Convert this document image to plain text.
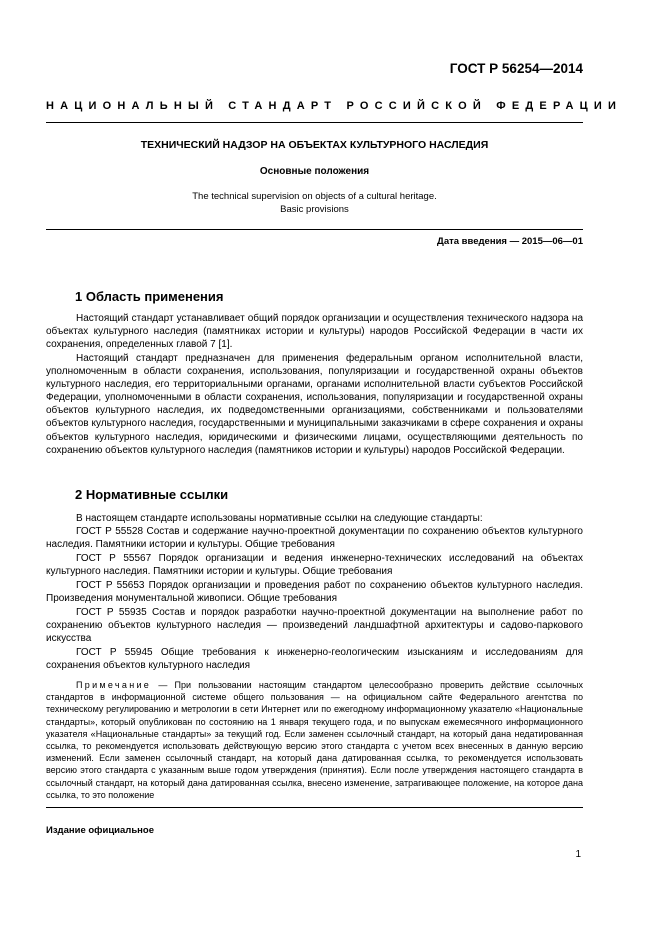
ГОСТ Р 56254—2014
НАЦИОНАЛЬНЫЙ СТАНДАРТ РОССИЙСКОЙ ФЕДЕРАЦИИ
ТЕХНИЧЕСКИЙ НАДЗОР НА ОБЪЕКТАХ КУЛЬТУРНОГО НАСЛЕДИЯ
Основные положения
The technical supervision on objects of a cultural heritage.
Basic provisions
Дата введения — 2015—06—01
1 Область применения

Настоящий стандарт устанавливает общий порядок организации и осуществления технического надзора на объектах культурного наследия (памятниках истории и культуры) народов Российской Федерации в части их сохранения, определенных главой 7 [1].

Настоящий стандарт предназначен для применения федеральным органом исполнительной власти, уполномоченным в области сохранения, использования, популяризации и государственной охраны объектов культурного наследия, его территориальными органами, органами исполнительной власти субъектов Российской Федерации, уполномоченными в области сохранения, использования, популяризации и государственной охраны объектов культурного наследия, их подведомственными организациями, собственниками и пользователями объектов культурного наследия, государственными и муниципальными заказчиками в сфере сохранения и охраны объектов культурного наследия, юридическими и физическими лицами, осуществляющими деятельность по сохранению объектов культурного наследия (памятников истории и культуры) народов Российской Федерации.

2 Нормативные ссылки

В настоящем стандарте использованы нормативные ссылки на следующие стандарты:

ГОСТ Р 55528 Состав и содержание научно-проектной документации по сохранению объектов культурного наследия. Памятники истории и культуры. Общие требования

ГОСТ Р 55567 Порядок организации и ведения инженерно-технических исследований на объектах культурного наследия. Памятники истории и культуры. Общие требования

ГОСТ Р 55653 Порядок организации и проведения работ по сохранению объектов культурного наследия. Произведения монументальной живописи. Общие требования

ГОСТ Р 55935 Состав и порядок разработки научно-проектной документации на выполнение работ по сохранению объектов культурного наследия — произведений ландшафтной архитектуры и садово-паркового искусства

ГОСТ Р 55945 Общие требования к инженерно-геологическим изысканиям и исследованиям для сохранения объектов культурного наследия

Примечание — При пользовании настоящим стандартом целесообразно проверить действие ссылочных стандартов в информационной системе общего пользования — на официальном сайте Федерального агентства по техническому регулированию и метрологии в сети Интернет или по ежегодному информационному указателю «Национальные стандарты», который опубликован по состоянию на 1 января текущего года, и по выпускам ежемесячного информационного указателя «Национальные стандарты» за текущий год. Если заменен ссылочный стандарт, на который дана недатированная ссылка, то рекомендуется использовать действующую версию этого стандарта с учетом всех внесенных в данную версию изменений. Если заменен ссылочный стандарт, на который дана датированная ссылка, то рекомендуется использовать версию этого стандарта с указанным выше годом утверждения (принятия). Если после утверждения настоящего стандарта в ссылочный стандарт, на который дана датированная ссылка, внесено изменение, затрагивающее положение, на которое дана ссылка, то это положение

Издание официальное
1
